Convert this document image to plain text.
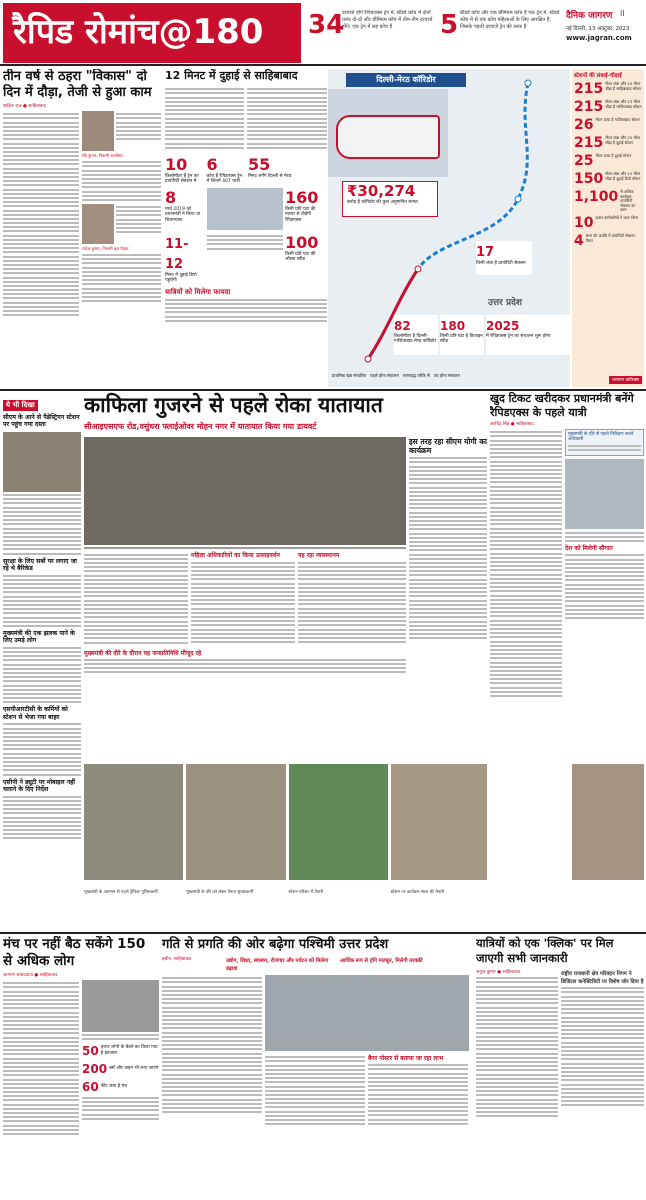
रैपिड रोमांच@180 34
दरवाजे होंगे रैपिडएक्स ट्रेन में, स्टैंडर्ड कोच में दोनों तरफ दो-दो और प्रीमियम कोच में तीन-तीन दरवाजे होंगे। एक ट्रेन में छह कोच हैं	5 स्टैंडर्ड कोच और एक प्रीमियम कोच है एक ट्रेन में, स्टैंडर्ड कोच में से एक कोच महिलाओं के लिए आरक्षित है, जिसके पहली दरवाजे ट्रेन की तरफ़ है
दैनिक जागरण II
नई दिल्ली, 13 अक्टूबर, 2023
www.jagran.com
तीन वर्ष से ठहरा "विकास" दो दिन में दौड़ा, तेजी से हुआ काम
साहिल राज ● साहिबाबाद
रवि कुमार, निवासी शालीमार
राकेश कुमार, निवासी बृज विहार
12 मिनट में दुहाई से साहिबाबाद
10
किलोमीटर है ट्रेन का प्रायोरिटी सेक्शन में
6
कोच हैं रैपिडएक्स ट्रेन में जिनमें 407 यात्री
55
मिनट लगेंगे दिल्ली से मेरठ
8
मार्च 2019 को प्रधानमंत्री ने किया था शिलान्यास
160
किमी प्रति घंटा की रफ्तार से दौड़ेगी रैपिडएक्स
11-12
मिनट में दुहाई डिपो पहुंचेगी
100
किमी प्रति घंटा की औसत स्पीड
यात्रियों को मिलेगा फायदा
दिल्ली-मेरठ कॉरिडोर
₹30,274
करोड़ है कॉरिडोर की कुल अनुमानित लागत
17
किमी लंबा है प्रायोरिटी सेक्शन
उत्तर प्रदेश
82
किलोमीटर है दिल्ली-गाजियाबाद-मेरठ कॉरिडोर
180
किमी प्रति घंटा है डिजाइन स्पीड
2025
में रैपिडएक्स ट्रेन का संचालन शुरू होगा
प्राथमिक खंड संचालित पहले होगा संचालन चरणबद्ध तरीके से तय होगा संचालन
स्टेशनों की लंबाई-चौड़ाई
215 मीटर लंबा और 25 मीटर चौड़ा है साहिबाबाद स्टेशन
215 मीटर लंबा और 23 मीटर चौड़ा है गाजियाबाद स्टेशन
26 मीटर ऊंचा है गाजियाबाद स्टेशन
215 मीटर लंबा और 25 मीटर चौड़ा है दुहाई स्टेशन
25 मीटर ऊंचा है दुहाई स्टेशन
150 मीटर लंबा और 15 मीटर चौड़ा है दुहाई डिपो स्टेशन
1,100 से अधिक कार्यबल प्रायोरिटी सेक्शन का काम
10 हजार कर्मचारियों ने काम किया
4 साल की अवधि में प्रायोरिटी सेक्शन तैयार
जागरण ग्राफिक्स
ये भी दिखा
सीएम के आने से पैडेस्ट्रियन स्टेशन पर पहुंच गया दस्ता
सुरक्षा के लिए सबों पर लगाए जा रहे थे बैरिकेड
मुख्यमंत्री की एक झलक पाने के लिए उमड़े लोग
एसपीआरटीसी के कर्मियों को स्टेशन से भेजा गया बाहर
एसीपी ने ड्यूटी पर मोबाइल नहीं चलाने के दिए निर्देश
काफिला गुजरने से पहले रोका यातायात
सीआइएसएफ रोड,वसुंधरा फ्लाईओवर मोहन नगर में यातायात किया गया डायवर्ट
महिला अधिकारियों का किया उत्साहवर्धन	यह रहा व्यवस्थापन
मुख्यमंत्री की दौरे के दौरान यह जनप्रतिनिधि मौजूद रहे
इस तरह रहा सीएम योगी का कार्यक्रम
मुख्यमंत्री के आगमन से पहले ट्रैफिक पुलिसकर्मी	मुख्यमंत्री के दौरे को लेकर तैनात सुरक्षाकर्मी	स्टेशन परिसर में तैयारी	स्टेशन पर कार्यक्रम स्थल की तैयारी
खुद टिकट खरीदकर प्रधानमंत्री बनेंगे रैपिडएक्स के पहले यात्री
अरविंद सिंह ● साहिबाबाद
मुख्यमंत्री के दौरे से पहले निरीक्षण करते अधिकारी
देश को मिलेगी सौगात
मंच पर नहीं बैठ सकेंगे 150 से अधिक लोग
जागरण संवाददाता ● साहिबाबाद
50 हजार लोगों के बैठने का किया गया है इंतजाम
200 बसें और वाहन भी लाए जाएंगे
60 फीट लंबा है मंच
गति से प्रगति की ओर बढ़ेगा पश्चिमी उत्तर प्रदेश
हसीन, साहिबाबाद	उद्योग, शिक्षा, स्वास्थ्य, रोजगार और पर्यटन को मिलेगा बढ़ावा
आर्थिक रूप से होंगे मजबूत, मिलेगी तरक्की
बैनर पोस्टर से बताया जा रहा लाभ
यात्रियों को एक 'क्लिक' पर मिल जाएगी सभी जानकारी
अनुज कुमार ● साहिबाबाद	राष्ट्रीय राजधानी क्षेत्र परिवहन निगम ने डिजिटल कनेक्टिविटी पर विशेष जोर दिया है
